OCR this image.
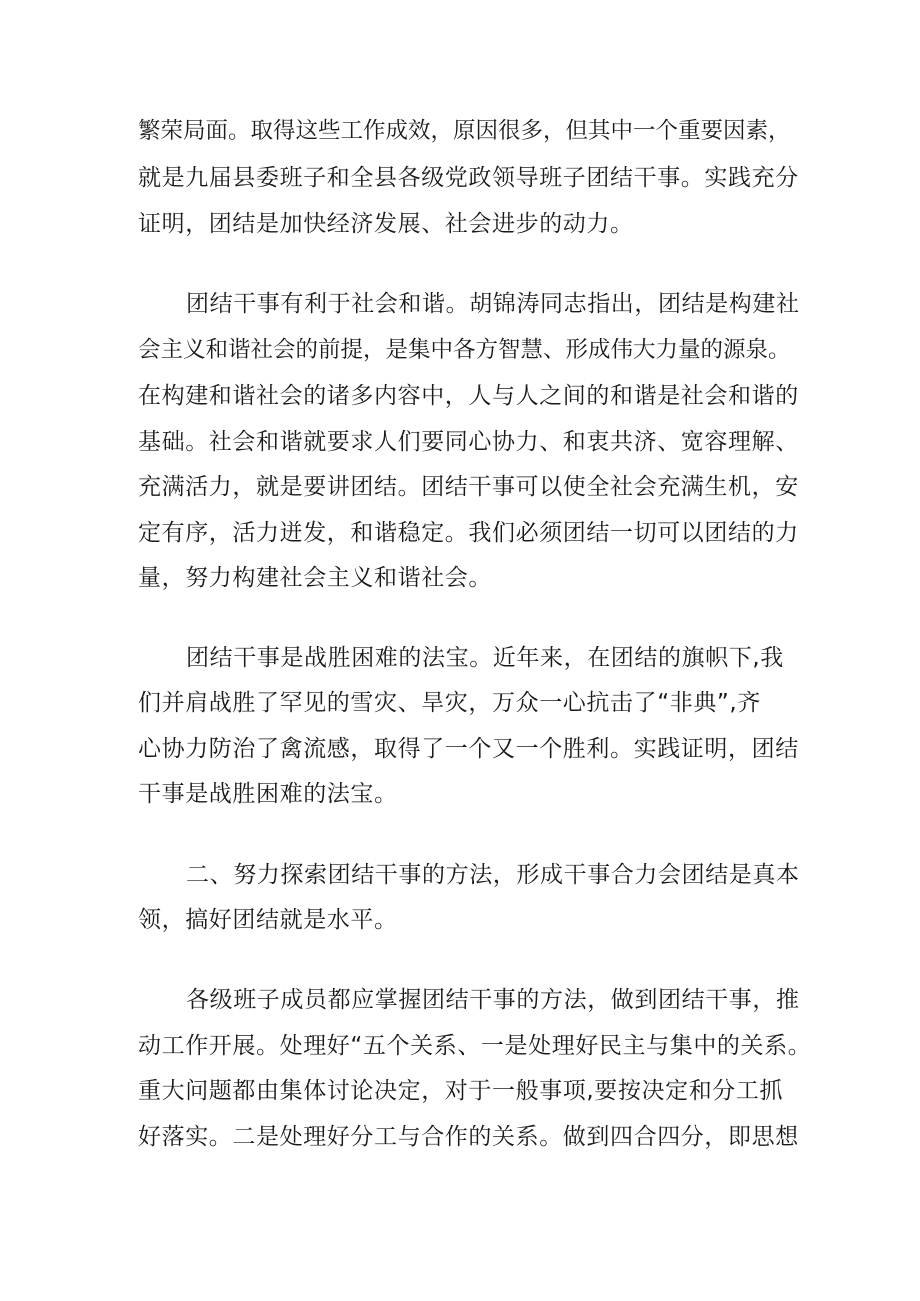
繁荣局面。取得这些工作成效，原因很多，但其中一个重要因素，
就是九届县委班子和全县各级党政领导班子团结干事。实践充分
证明，团结是加快经济发展、社会进步的动力。
团结干事有利于社会和谐。胡锦涛同志指出，团结是构建社
会主义和谐社会的前提，是集中各方智慧、形成伟大力量的源泉。
在构建和谐社会的诸多内容中，人与人之间的和谐是社会和谐的
基础。社会和谐就要求人们要同心协力、和衷共济、宽容理解、
充满活力，就是要讲团结。团结干事可以使全社会充满生机，安
定有序，活力迸发，和谐稳定。我们必须团结一切可以团结的力
量，努力构建社会主义和谐社会。
团结干事是战胜困难的法宝。近年来，在团结的旗帜下,我
们并肩战胜了罕见的雪灾、旱灾，万众一心抗击了“非典”,齐
心协力防治了禽流感，取得了一个又一个胜利。实践证明，团结
干事是战胜困难的法宝。
二、努力探索团结干事的方法，形成干事合力会团结是真本
领，搞好团结就是水平。
各级班子成员都应掌握团结干事的方法，做到团结干事，推
动工作开展。处理好“五个关系、一是处理好民主与集中的关系。
重大问题都由集体讨论决定，对于一般事项,要按决定和分工抓
好落实。二是处理好分工与合作的关系。做到四合四分，即思想
